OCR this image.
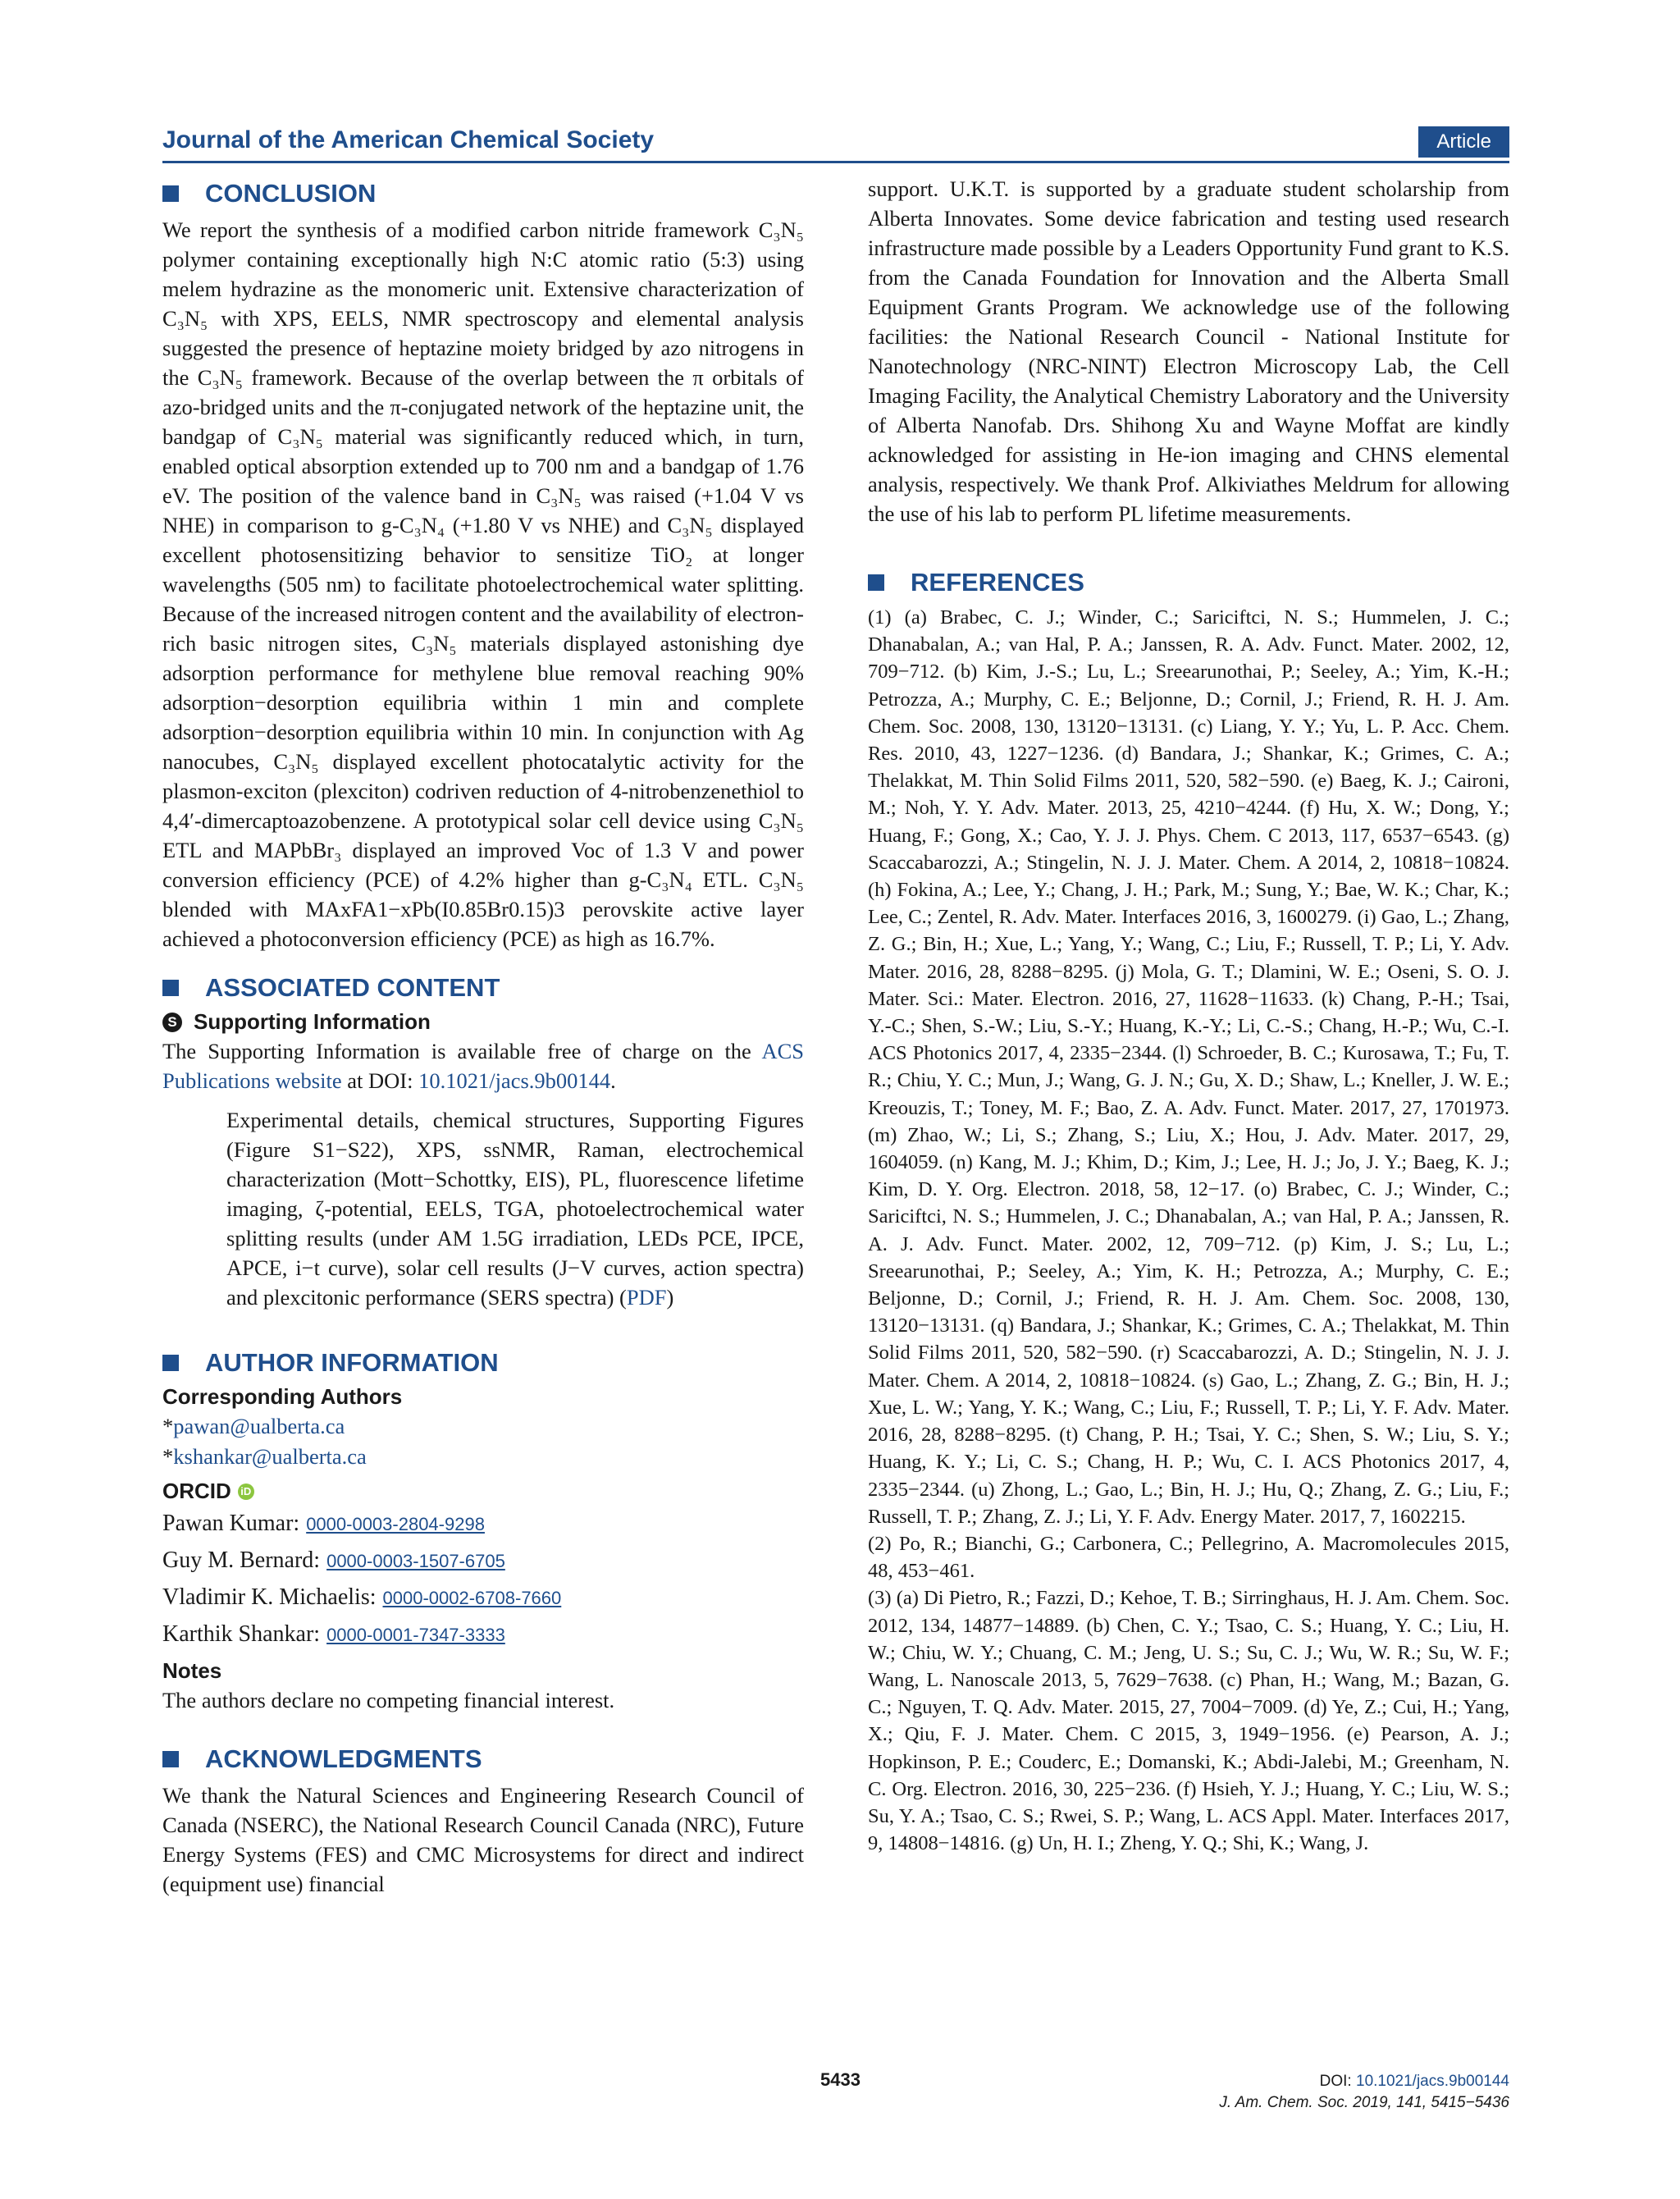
Journal of the American Chemical Society	Article
CONCLUSION

We report the synthesis of a modified carbon nitride framework C₃N₅ polymer containing exceptionally high N:C atomic ratio (5:3) using melem hydrazine as the monomeric unit. Extensive characterization of C₃N₅ with XPS, EELS, NMR spectroscopy and elemental analysis suggested the presence of heptazine moiety bridged by azo nitrogens in the C₃N₅ framework. Because of the overlap between the π orbitals of azo-bridged units and the π-conjugated network of the heptazine unit, the bandgap of C₃N₅ material was significantly reduced which, in turn, enabled optical absorption extended up to 700 nm and a bandgap of 1.76 eV. The position of the valence band in C₃N₅ was raised (+1.04 V vs NHE) in comparison to g-C₃N₄ (+1.80 V vs NHE) and C₃N₅ displayed excellent photosensitizing behavior to sensitize TiO₂ at longer wavelengths (505 nm) to facilitate photoelectrochemical water splitting. Because of the increased nitrogen content and the availability of electron-rich basic nitrogen sites, C₃N₅ materials displayed astonishing dye adsorption performance for methylene blue removal reaching 90% adsorption−desorption equilibria within 1 min and complete adsorption−desorption equilibria within 10 min. In conjunction with Ag nanocubes, C₃N₅ displayed excellent photocatalytic activity for the plasmon-exciton (plexciton) codriven reduction of 4-nitrobenzenethiol to 4,4′-dimercaptoazobenzene. A prototypical solar cell device using C₃N₅ ETL and MAPbBr₃ displayed an improved Voc of 1.3 V and power conversion efficiency (PCE) of 4.2% higher than g-C₃N₄ ETL. C₃N₅ blended with MAxFA1−xPb(I0.85Br0.15)3 perovskite active layer achieved a photoconversion efficiency (PCE) as high as 16.7%.

ASSOCIATED CONTENT
S Supporting Information

The Supporting Information is available free of charge on the ACS Publications website at DOI: 10.1021/jacs.9b00144.

Experimental details, chemical structures, Supporting Figures (Figure S1−S22), XPS, ssNMR, Raman, electrochemical characterization (Mott−Schottky, EIS), PL, fluorescence lifetime imaging, ζ-potential, EELS, TGA, photoelectrochemical water splitting results (under AM 1.5G irradiation, LEDs PCE, IPCE, APCE, i−t curve), solar cell results (J−V curves, action spectra) and plexcitonic performance (SERS spectra) (PDF)

AUTHOR INFORMATION
Corresponding Authors
*pawan@ualberta.ca
*kshankar@ualberta.ca
ORCID iD
Pawan Kumar: 0000-0003-2804-9298
Guy M. Bernard: 0000-0003-1507-6705
Vladimir K. Michaelis: 0000-0002-6708-7660
Karthik Shankar: 0000-0001-7347-3333
Notes

The authors declare no competing financial interest.

ACKNOWLEDGMENTS

We thank the Natural Sciences and Engineering Research Council of Canada (NSERC), the National Research Council Canada (NRC), Future Energy Systems (FES) and CMC Microsystems for direct and indirect (equipment use) financial

support. U.K.T. is supported by a graduate student scholarship from Alberta Innovates. Some device fabrication and testing used research infrastructure made possible by a Leaders Opportunity Fund grant to K.S. from the Canada Foundation for Innovation and the Alberta Small Equipment Grants Program. We acknowledge use of the following facilities: the National Research Council - National Institute for Nanotechnology (NRC-NINT) Electron Microscopy Lab, the Cell Imaging Facility, the Analytical Chemistry Laboratory and the University of Alberta Nanofab. Drs. Shihong Xu and Wayne Moffat are kindly acknowledged for assisting in He-ion imaging and CHNS elemental analysis, respectively. We thank Prof. Alkiviathes Meldrum for allowing the use of his lab to perform PL lifetime measurements.

REFERENCES

(1) (a) Brabec, C. J.; Winder, C.; Sariciftci, N. S.; Hummelen, J. C.; Dhanabalan, A.; van Hal, P. A.; Janssen, R. A. Adv. Funct. Mater. 2002, 12, 709−712. (b) Kim, J.-S.; Lu, L.; Sreearunothai, P.; Seeley, A.; Yim, K.-H.; Petrozza, A.; Murphy, C. E.; Beljonne, D.; Cornil, J.; Friend, R. H. J. Am. Chem. Soc. 2008, 130, 13120−13131. (c) Liang, Y. Y.; Yu, L. P. Acc. Chem. Res. 2010, 43, 1227−1236. (d) Bandara, J.; Shankar, K.; Grimes, C. A.; Thelakkat, M. Thin Solid Films 2011, 520, 582−590. (e) Baeg, K. J.; Caironi, M.; Noh, Y. Y. Adv. Mater. 2013, 25, 4210−4244. (f) Hu, X. W.; Dong, Y.; Huang, F.; Gong, X.; Cao, Y. J. J. Phys. Chem. C 2013, 117, 6537−6543. (g) Scaccabarozzi, A.; Stingelin, N. J. J. Mater. Chem. A 2014, 2, 10818−10824. (h) Fokina, A.; Lee, Y.; Chang, J. H.; Park, M.; Sung, Y.; Bae, W. K.; Char, K.; Lee, C.; Zentel, R. Adv. Mater. Interfaces 2016, 3, 1600279. (i) Gao, L.; Zhang, Z. G.; Bin, H.; Xue, L.; Yang, Y.; Wang, C.; Liu, F.; Russell, T. P.; Li, Y. Adv. Mater. 2016, 28, 8288−8295. (j) Mola, G. T.; Dlamini, W. E.; Oseni, S. O. J. Mater. Sci.: Mater. Electron. 2016, 27, 11628−11633. (k) Chang, P.-H.; Tsai, Y.-C.; Shen, S.-W.; Liu, S.-Y.; Huang, K.-Y.; Li, C.-S.; Chang, H.-P.; Wu, C.-I. ACS Photonics 2017, 4, 2335−2344. (l) Schroeder, B. C.; Kurosawa, T.; Fu, T. R.; Chiu, Y. C.; Mun, J.; Wang, G. J. N.; Gu, X. D.; Shaw, L.; Kneller, J. W. E.; Kreouzis, T.; Toney, M. F.; Bao, Z. A. Adv. Funct. Mater. 2017, 27, 1701973. (m) Zhao, W.; Li, S.; Zhang, S.; Liu, X.; Hou, J. Adv. Mater. 2017, 29, 1604059. (n) Kang, M. J.; Khim, D.; Kim, J.; Lee, H. J.; Jo, J. Y.; Baeg, K. J.; Kim, D. Y. Org. Electron. 2018, 58, 12−17. (o) Brabec, C. J.; Winder, C.; Sariciftci, N. S.; Hummelen, J. C.; Dhanabalan, A.; van Hal, P. A.; Janssen, R. A. J. Adv. Funct. Mater. 2002, 12, 709−712. (p) Kim, J. S.; Lu, L.; Sreearunothai, P.; Seeley, A.; Yim, K. H.; Petrozza, A.; Murphy, C. E.; Beljonne, D.; Cornil, J.; Friend, R. H. J. Am. Chem. Soc. 2008, 130, 13120−13131. (q) Bandara, J.; Shankar, K.; Grimes, C. A.; Thelakkat, M. Thin Solid Films 2011, 520, 582−590. (r) Scaccabarozzi, A. D.; Stingelin, N. J. J. Mater. Chem. A 2014, 2, 10818−10824. (s) Gao, L.; Zhang, Z. G.; Bin, H. J.; Xue, L. W.; Yang, Y. K.; Wang, C.; Liu, F.; Russell, T. P.; Li, Y. F. Adv. Mater. 2016, 28, 8288−8295. (t) Chang, P. H.; Tsai, Y. C.; Shen, S. W.; Liu, S. Y.; Huang, K. Y.; Li, C. S.; Chang, H. P.; Wu, C. I. ACS Photonics 2017, 4, 2335−2344. (u) Zhong, L.; Gao, L.; Bin, H. J.; Hu, Q.; Zhang, Z. G.; Liu, F.; Russell, T. P.; Zhang, Z. J.; Li, Y. F. Adv. Energy Mater. 2017, 7, 1602215.

(2) Po, R.; Bianchi, G.; Carbonera, C.; Pellegrino, A. Macromolecules 2015, 48, 453−461.

(3) (a) Di Pietro, R.; Fazzi, D.; Kehoe, T. B.; Sirringhaus, H. J. Am. Chem. Soc. 2012, 134, 14877−14889. (b) Chen, C. Y.; Tsao, C. S.; Huang, Y. C.; Liu, H. W.; Chiu, W. Y.; Chuang, C. M.; Jeng, U. S.; Su, C. J.; Wu, W. R.; Su, W. F.; Wang, L. Nanoscale 2013, 5, 7629−7638. (c) Phan, H.; Wang, M.; Bazan, G. C.; Nguyen, T. Q. Adv. Mater. 2015, 27, 7004−7009. (d) Ye, Z.; Cui, H.; Yang, X.; Qiu, F. J. Mater. Chem. C 2015, 3, 1949−1956. (e) Pearson, A. J.; Hopkinson, P. E.; Couderc, E.; Domanski, K.; Abdi-Jalebi, M.; Greenham, N. C. Org. Electron. 2016, 30, 225−236. (f) Hsieh, Y. J.; Huang, Y. C.; Liu, W. S.; Su, Y. A.; Tsao, C. S.; Rwei, S. P.; Wang, L. ACS Appl. Mater. Interfaces 2017, 9, 14808−14816. (g) Un, H. I.; Zheng, Y. Q.; Shi, K.; Wang, J.

5433	DOI: 10.1021/jacs.9b00144
J. Am. Chem. Soc. 2019, 141, 5415−5436
